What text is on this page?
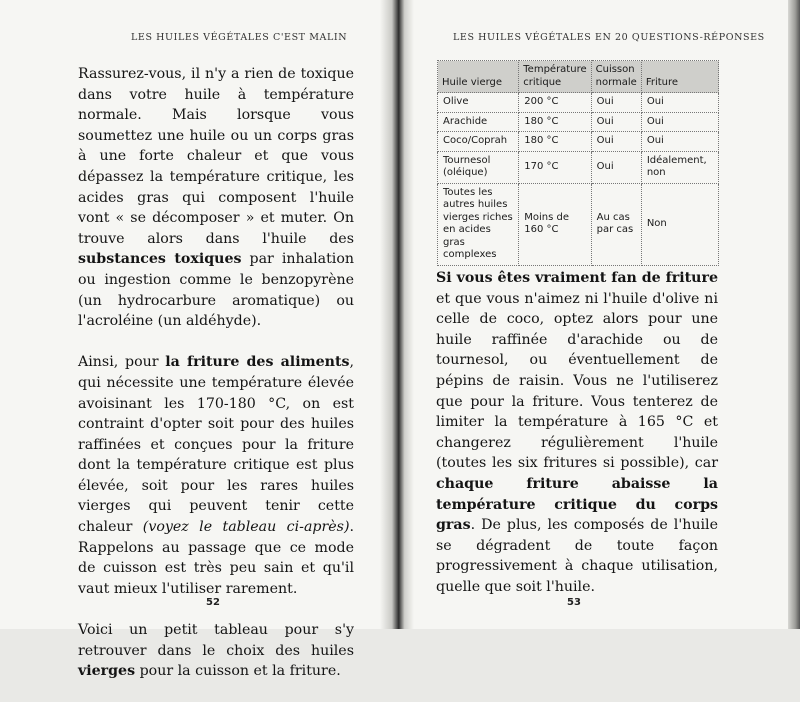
LES HUILES VÉGÉTALES C'EST MALIN

Rassurez-vous, il n'y a rien de toxique dans votre huile à température normale. Mais lorsque vous soumettez une huile ou un corps gras à une forte chaleur et que vous dépassez la température critique, les acides gras qui composent l'huile vont « se décomposer » et muter. On trouve alors dans l'huile des substances toxiques par inhalation ou ingestion comme le benzopyrène (un hydrocarbure aromatique) ou l'acroléine (un aldéhyde).

Ainsi, pour la friture des aliments, qui nécessite une température élevée avoisinant les 170-180 °C, on est contraint d'opter soit pour des huiles raffinées et conçues pour la friture dont la température critique est plus élevée, soit pour les rares huiles vierges qui peuvent tenir cette chaleur (voyez le tableau ci-après). Rappelons au passage que ce mode de cuisson est très peu sain et qu'il vaut mieux l'utiliser rarement.

Voici un petit tableau pour s'y retrouver dans le choix des huiles vierges pour la cuisson et la friture.

52
LES HUILES VÉGÉTALES EN 20 QUESTIONS-RÉPONSES
Huile vierge	Température critique	Cuisson normale	Friture
Olive	200 °C	Oui	Oui
Arachide	180 °C	Oui	Oui
Coco/Coprah	180 °C	Oui	Oui
Tournesol (oléique)	170 °C	Oui	Idéalement, non
Toutes les autres huiles vierges riches en acides gras complexes	Moins de 160 °C	Au cas par cas	Non

Si vous êtes vraiment fan de friture et que vous n'aimez ni l'huile d'olive ni celle de coco, optez alors pour une huile raffinée d'arachide ou de tournesol, ou éventuellement de pépins de raisin. Vous ne l'utiliserez que pour la friture. Vous tenterez de limiter la température à 165 °C et changerez régulièrement l'huile (toutes les six fritures si possible), car chaque friture abaisse la température critique du corps gras. De plus, les composés de l'huile se dégradent de toute façon progressivement à chaque utilisation, quelle que soit l'huile.

53
